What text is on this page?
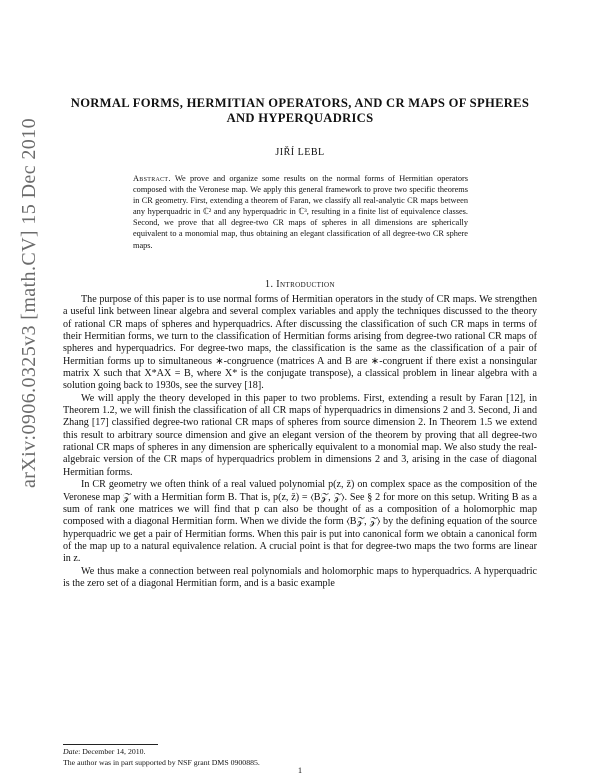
arXiv:0906.0325v3 [math.CV] 15 Dec 2010
NORMAL FORMS, HERMITIAN OPERATORS, AND CR MAPS OF SPHERES AND HYPERQUADRICS
JIŘÍ LEBL
Abstract. We prove and organize some results on the normal forms of Hermitian operators composed with the Veronese map. We apply this general framework to prove two specific theorems in CR geometry. First, extending a theorem of Faran, we classify all real-analytic CR maps between any hyperquadric in ℂ² and any hyperquadric in ℂ³, resulting in a finite list of equivalence classes. Second, we prove that all degree-two CR maps of spheres in all dimensions are spherically equivalent to a monomial map, thus obtaining an elegant classification of all degree-two CR sphere maps.
1. Introduction

The purpose of this paper is to use normal forms of Hermitian operators in the study of CR maps. We strengthen a useful link between linear algebra and several complex variables and apply the techniques discussed to the theory of rational CR maps of spheres and hyperquadrics. After discussing the classification of such CR maps in terms of their Hermitian forms, we turn to the classification of Hermitian forms arising from degree-two rational CR maps of spheres and hyperquadrics. For degree-two maps, the classification is the same as the classification of a pair of Hermitian forms up to simultaneous ∗-congruence (matrices A and B are ∗-congruent if there exist a nonsingular matrix X such that X*AX = B, where X* is the conjugate transpose), a classical problem in linear algebra with a solution going back to 1930s, see the survey [18].

We will apply the theory developed in this paper to two problems. First, extending a result by Faran [12], in Theorem 1.2, we will finish the classification of all CR maps of hyperquadrics in dimensions 2 and 3. Second, Ji and Zhang [17] classified degree-two rational CR maps of spheres from source dimension 2. In Theorem 1.5 we extend this result to arbitrary source dimension and give an elegant version of the theorem by proving that all degree-two rational CR maps of spheres in any dimension are spherically equivalent to a monomial map. We also study the real-algebraic version of the CR maps of hyperquadrics problem in dimensions 2 and 3, arising in the case of diagonal Hermitian forms.

In CR geometry we often think of a real valued polynomial p(z, z̄) on complex space as the composition of the Veronese map 𝒵 with a Hermitian form B. That is, p(z, z̄) = ⟨B𝒵, 𝒵⟩. See § 2 for more on this setup. Writing B as a sum of rank one matrices we will find that p can also be thought of as a composition of a holomorphic map composed with a diagonal Hermitian form. When we divide the form ⟨B𝒵, 𝒵⟩ by the defining equation of the source hyperquadric we get a pair of Hermitian forms. When this pair is put into canonical form we obtain a canonical form of the map up to a natural equivalence relation. A crucial point is that for degree-two maps the two forms are linear in z.

We thus make a connection between real polynomials and holomorphic maps to hyperquadrics. A hyperquadric is the zero set of a diagonal Hermitian form, and is a basic example

Date: December 14, 2010.
The author was in part supported by NSF grant DMS 0900885.
1
